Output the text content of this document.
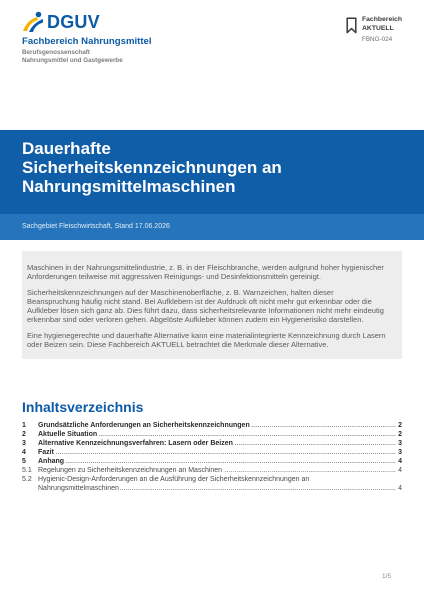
DGUV
Fachbereich Nahrungsmittel
Berufsgenossenschaft
Nahrungsmittel und Gastgewerbe
Fachbereich
AKTUELL
FBNG-024
Dauerhafte
Sicherheitskennzeichnungen an
Nahrungsmittelmaschinen
Sachgebiet Fleischwirtschaft, Stand 17.06.2026

Maschinen in der Nahrungsmittelindustrie, z. B. in der Fleischbranche, werden aufgrund hoher hygienischer Anforderungen teilweise mit aggressiven Reinigungs- und Desinfektionsmitteln gereinigt.

Sicherheitskennzeichnungen auf der Maschinenoberfläche, z. B. Warnzeichen, halten dieser Beanspruchung häufig nicht stand. Bei Aufklebern ist der Aufdruck oft nicht mehr gut erkennbar oder die Aufkleber lösen sich ganz ab. Dies führt dazu, dass sicherheitsrelevante Informationen nicht mehr eindeutig erkennbar sind oder verloren gehen. Abgelöste Aufkleber können zudem ein Hygienerisiko darstellen.

Eine hygienegerechte und dauerhafte Alternative kann eine materialintegrierte Kennzeichnung durch Lasern oder Beizen sein. Diese Fachbereich AKTUELL betrachtet die Merkmale dieser Alternative.

Inhaltsverzeichnis
1	Grundsätzliche Anforderungen an Sicherheitskennzeichnungen	2
.....
2	Aktuelle Situation	2
.....
3	Alternative Kennzeichnungsverfahren: Lasern oder Beizen	3
.....
4	Fazit	3
.....
5	Anhang	4
.....
5.1 Regelungen zu Sicherheitskennzeichnungen an Maschinen	4
.....
5.2 Hygienic-Design-Anforderungen an die Ausführung der Sicherheitskennzeichnungen an Nahrungsmittelmaschinen	4
.....
1/5
